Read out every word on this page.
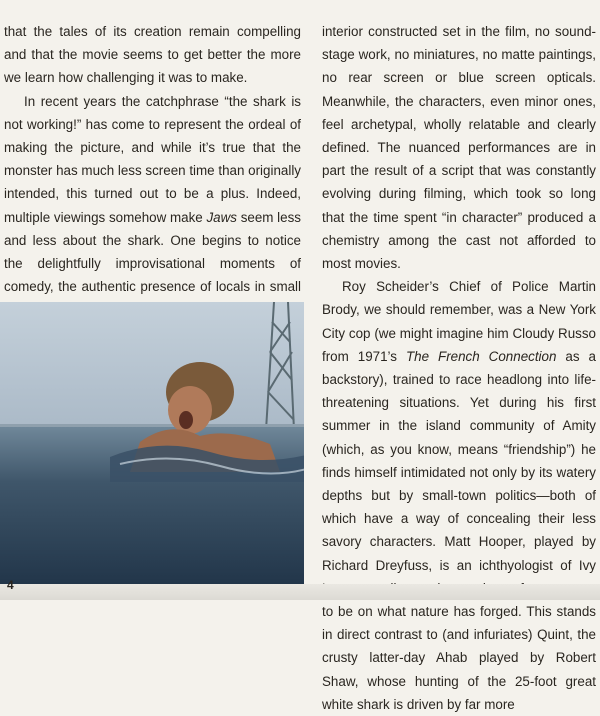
that the tales of its creation remain compelling and that the movie seems to get better the more we learn how challenging it was to make.

In recent years the catchphrase “the shark is not working!” has come to represent the ordeal of making the picture, and while it’s true that the monster has much less screen time than originally intended, this turned out to be a plus. Indeed, multiple viewings somehow make Jaws seem less and less about the shark. One begins to notice the delightfully improvisational moments of comedy, the authentic presence of locals in small

interior constructed set in the film, no soundstage work, no miniatures, no matte paintings, no rear screen or blue screen opticals. Meanwhile, the characters, even minor ones, feel archetypal, wholly relatable and clearly defined. The nuanced performances are in part the result of a script that was constantly evolving during filming, which took so long that the time spent “in character” produced a chemistry among the cast not afforded to most movies.

Roy Scheider’s Chief of Police Martin Brody, we should remember, was a New York City cop (we might imagine him Cloudy Russo from 1971’s The French Connection as a backstory), trained to race headlong into life-threatening situations. Yet during his first summer in the island community of Amity (which, as you know, means “friendship”) he finds himself intimidated not only by its watery depths but by small-town politics—both of which have a way of concealing their less savory characters. Matt Hooper, played by Richard Dreyfuss, is an ichthyologist of Ivy to be on what nature has forged. This stands in direct contrast to (and infuriates) Quint, the crusty latter-day Ahab played by Robert Shaw, whose hunting of the 25-foot great white shark is driven by far more

4
